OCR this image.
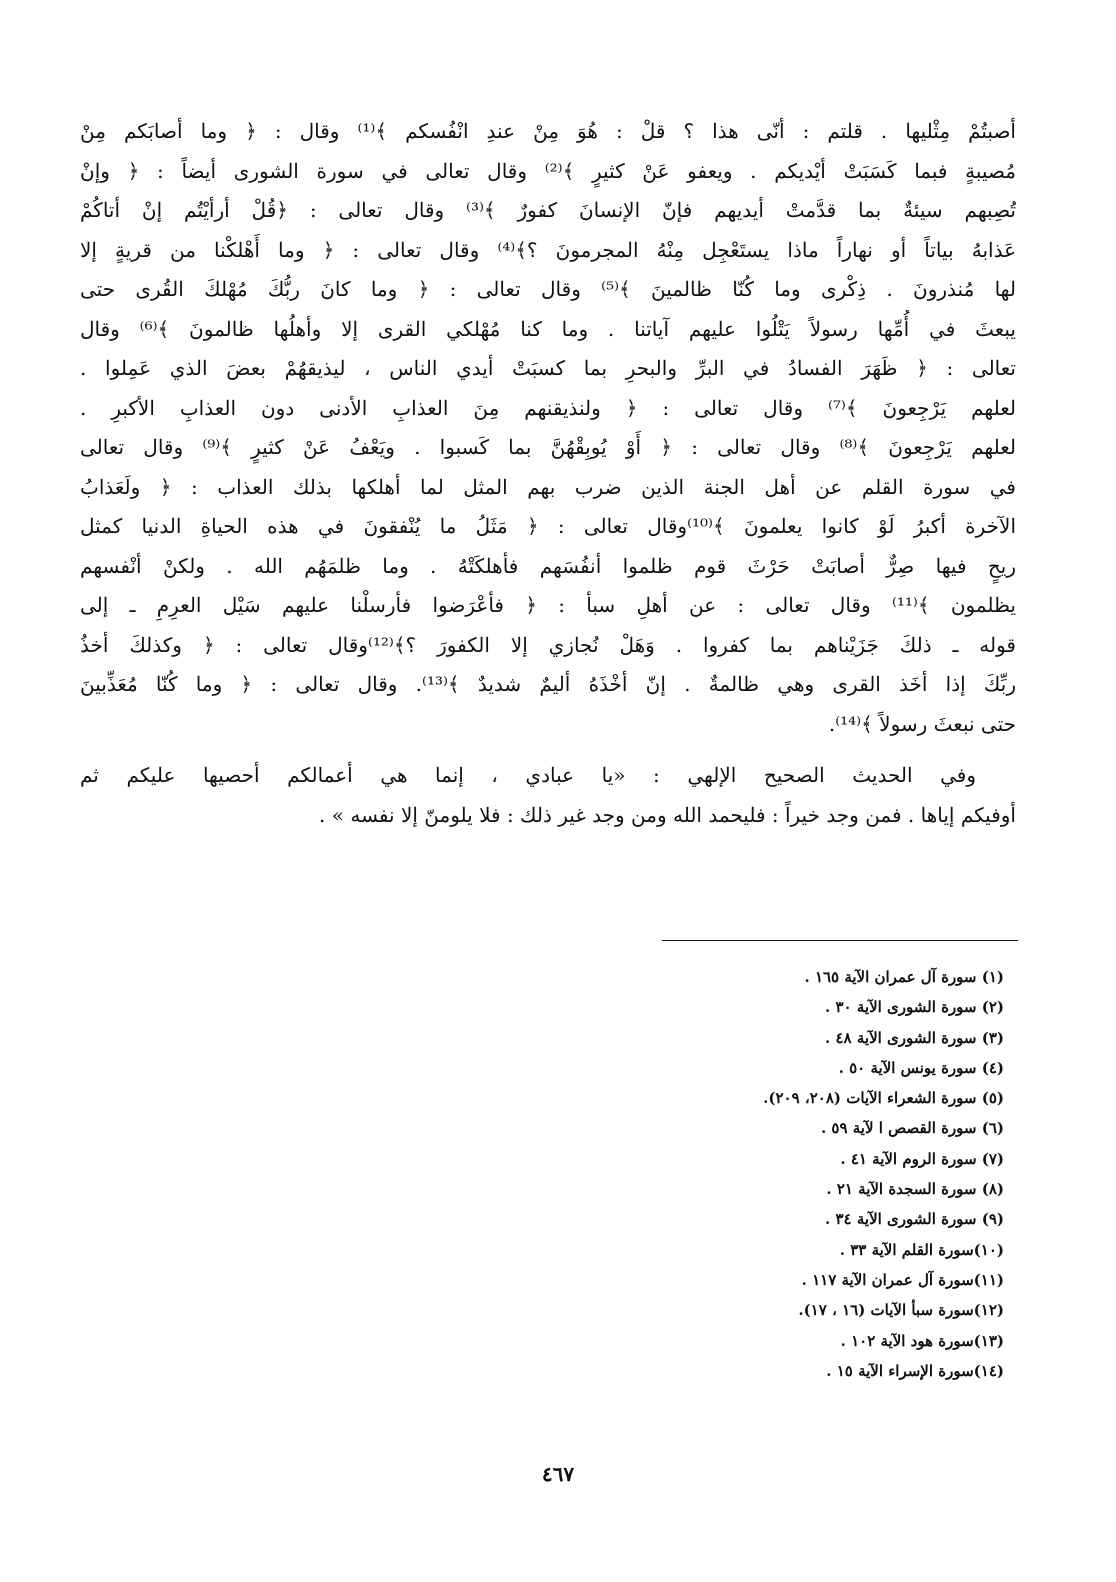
أصبتُمْ مِثْليها . قلتم : أنّى هذا ؟ قلْ : هُوَ مِنْ عندِ انْفُسكم ﴾⁽¹⁾ وقال : ﴿ وما أصابَكم مِنْ
مُصيبةٍ فبما كَسَبَتْ أيْديكم . ويعفو عَنْ كثيرٍ ﴾⁽²⁾ وقال تعالى في سورة الشورى أيضاً : ﴿ وإنْ
تُصِبهم سيئةٌ بما قدَّمتْ أيديهم فإنّ الإنسانَ كفورٌ ﴾⁽³⁾ وقال تعالى : ﴿قُلْ أرأيْتُم إنْ أتاكُمْ
عَذابهُ بياتاً أو نهاراً ماذا يستَعْجِل مِنْهُ المجرمونَ ؟﴾⁽⁴⁾ وقال تعالى : ﴿ وما أَهْلكْنا من قريةٍ إلا
لها مُنذرونَ . ذِكْرى وما كُنّا ظالمينَ ﴾⁽⁵⁾ وقال تعالى : ﴿ وما كانَ ربُّكَ مُهْلكَ القُرى حتى
يبعثَ في أُمِّها رسولاً يَتْلُوا عليهم آياتنا . وما كنا مُهْلكي القرى إلا وأهلُها ظالمونَ ﴾⁽⁶⁾ وقال
تعالى : ﴿ ظَهَرَ الفسادُ في البرِّ والبحرِ بما كسبَتْ أيدي الناس ، ليذيقهُمْ بعضَ الذي عَمِلوا .
لعلهم يَرْجِعونَ ﴾⁽⁷⁾ وقال تعالى : ﴿ ولنذيقنهم مِنَ العذابِ الأدنى دون العذابِ الأكبرِ .
لعلهم يَرْجِعونَ ﴾⁽⁸⁾ وقال تعالى : ﴿ أَوْ يُوبِقْهُنَّ بما كَسبوا . ويَعْفُ عَنْ كثيرٍ ﴾⁽⁹⁾ وقال تعالى
في سورة القلم عن أهل الجنة الذين ضرب بهم المثل لما أهلكها بذلك العذاب : ﴿ ولَعَذابُ
الآخرة أكبرُ لَوْ كانوا يعلمونَ ﴾⁽¹⁰⁾وقال تعالى : ﴿ مَثَلُ ما يُنْفقونَ في هذه الحياةِ الدنيا كمثل
ريحٍ فيها صِرٌّ أصابَتْ حَرْثَ قوم ظلموا أنفُسَهم فأهلكَتْهُ . وما ظلمَهُم الله . ولكنْ أنْفسهم
يظلمون ﴾⁽¹¹⁾ وقال تعالى : عن أهلِ سبأ : ﴿ فأعْرَضوا فأرسلْنا عليهم سَيْل العرِمِ ـ إلى
قوله ـ ذلكَ جَزَيْناهم بما كفروا . وَهَلْ نُجازي إلا الكفورَ ؟﴾⁽¹²⁾وقال تعالى : ﴿ وكذلكَ أخذُ
ربِّكَ إذا أخَذ القرى وهي ظالمةٌ . إنّ أخْذَهُ أليمٌ شديدٌ ﴾⁽¹³⁾. وقال تعالى : ﴿ وما كُنّا مُعَذِّبينَ
حتى نبعثَ رسولاً ﴾⁽¹⁴⁾.
وفي الحديث الصحيح الإلهي : «يا عبادي ، إنما هي أعمالكم أحصيها عليكم ثم
أوفيكم إياها . فمن وجد خيراً : فليحمد الله ومن وجد غير ذلك : فلا يلومنّ إلا نفسه » .
(١) سورة آل عمران الآية ١٦٥ .
(٢) سورة الشورى الآية ٣٠ .
(٣) سورة الشورى الآية ٤٨ .
(٤) سورة يونس الآية ٥٠ .
(٥) سورة الشعراء الآيات (٢٠٨، ٢٠٩).
(٦) سورة القصص ا لآية ٥٩ .
(٧) سورة الروم الآية ٤١ .
(٨) سورة السجدة الآية ٢١ .
(٩) سورة الشورى الآية ٣٤ .
(١٠)سورة القلم الآية ٣٣ .
(١١)سورة آل عمران الآية ١١٧ .
(١٢)سورة سبأ الآيات (١٦ ، ١٧).
(١٣)سورة هود الآية ١٠٢ .
(١٤)سورة الإسراء الآية ١٥ .
٤٦٧
